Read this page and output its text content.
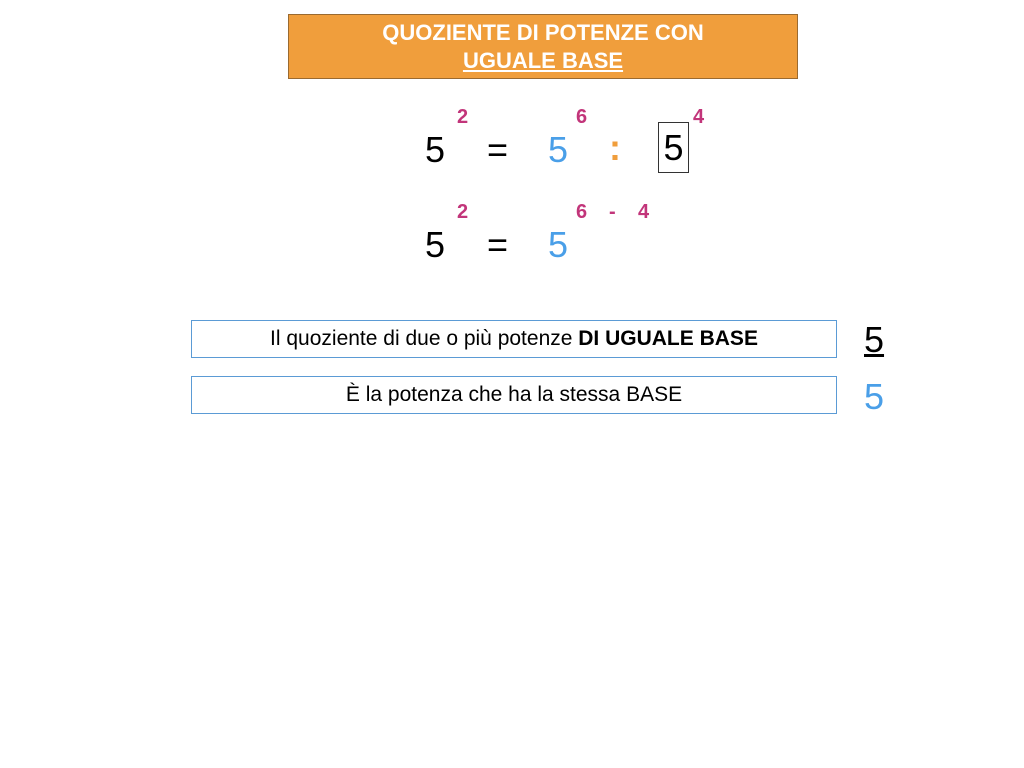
QUOZIENTE DI POTENZE CON
UGUALE BASE
5
2
= 5
6
: 5
4
5
2
= 5
6 - 4
Il quoziente di due o più potenze DI UGUALE BASE	5
È la potenza che ha la stessa BASE	5
